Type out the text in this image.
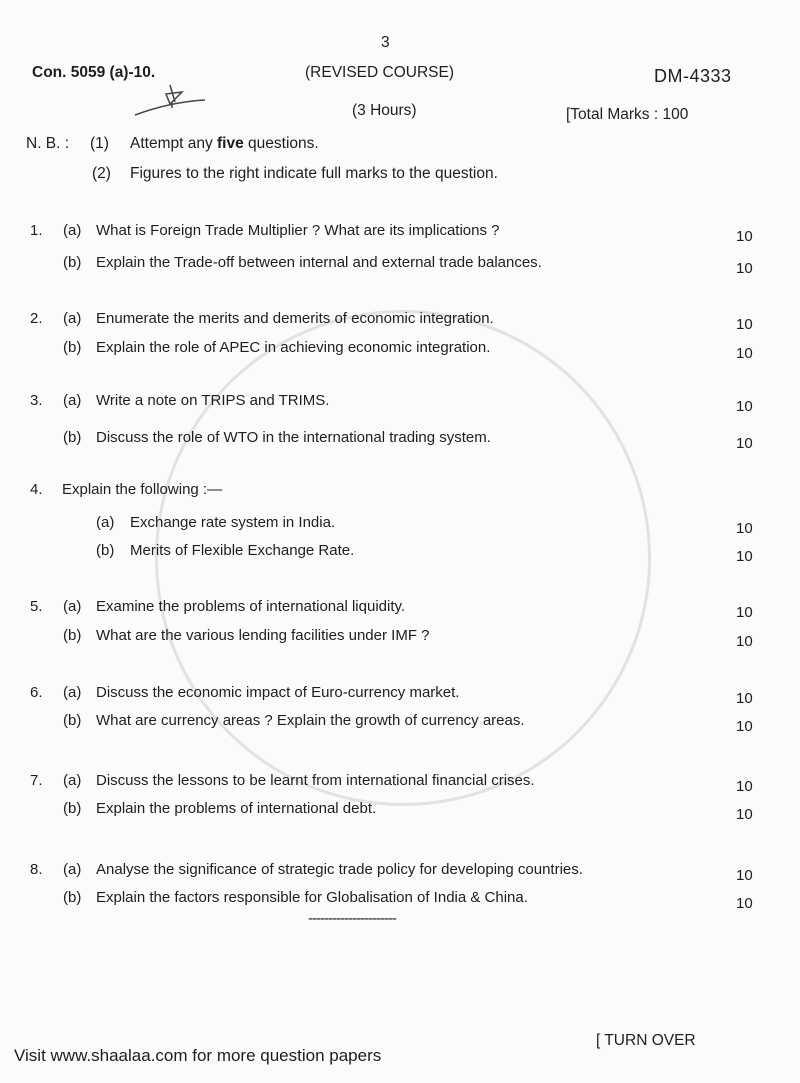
3
Con. 5059 (a)-10.	(REVISED COURSE)	DM-4333
(3 Hours)	[Total Marks : 100
N. B. : (1) Attempt any five questions.
(2) Figures to the right indicate full marks to the question.
1. (a) What is Foreign Trade Multiplier ? What are its implications ?	10
(b) Explain the Trade-off between internal and external trade balances.	10
2. (a) Enumerate the merits and demerits of economic integration.	10
(b) Explain the role of APEC in achieving economic integration.	10
3. (a) Write a note on TRIPS and TRIMS.	10
(b) Discuss the role of WTO in the international trading system.	10
4. Explain the following :—
(a) Exchange rate system in India.	10
(b) Merits of Flexible Exchange Rate.	10
5. (a) Examine the problems of international liquidity.	10
(b) What are the various lending facilities under IMF ?	10
6. (a) Discuss the economic impact of Euro-currency market.	10
(b) What are currency areas ? Explain the growth of currency areas.	10
7. (a) Discuss the lessons to be learnt from international financial crises.	10
(b) Explain the problems of international debt.	10
8. (a) Analyse the significance of strategic trade policy for developing countries.	10
(b) Explain the factors responsible for Globalisation of India & China.	10
----------------------
[ TURN OVER
Visit www.shaalaa.com for more question papers
